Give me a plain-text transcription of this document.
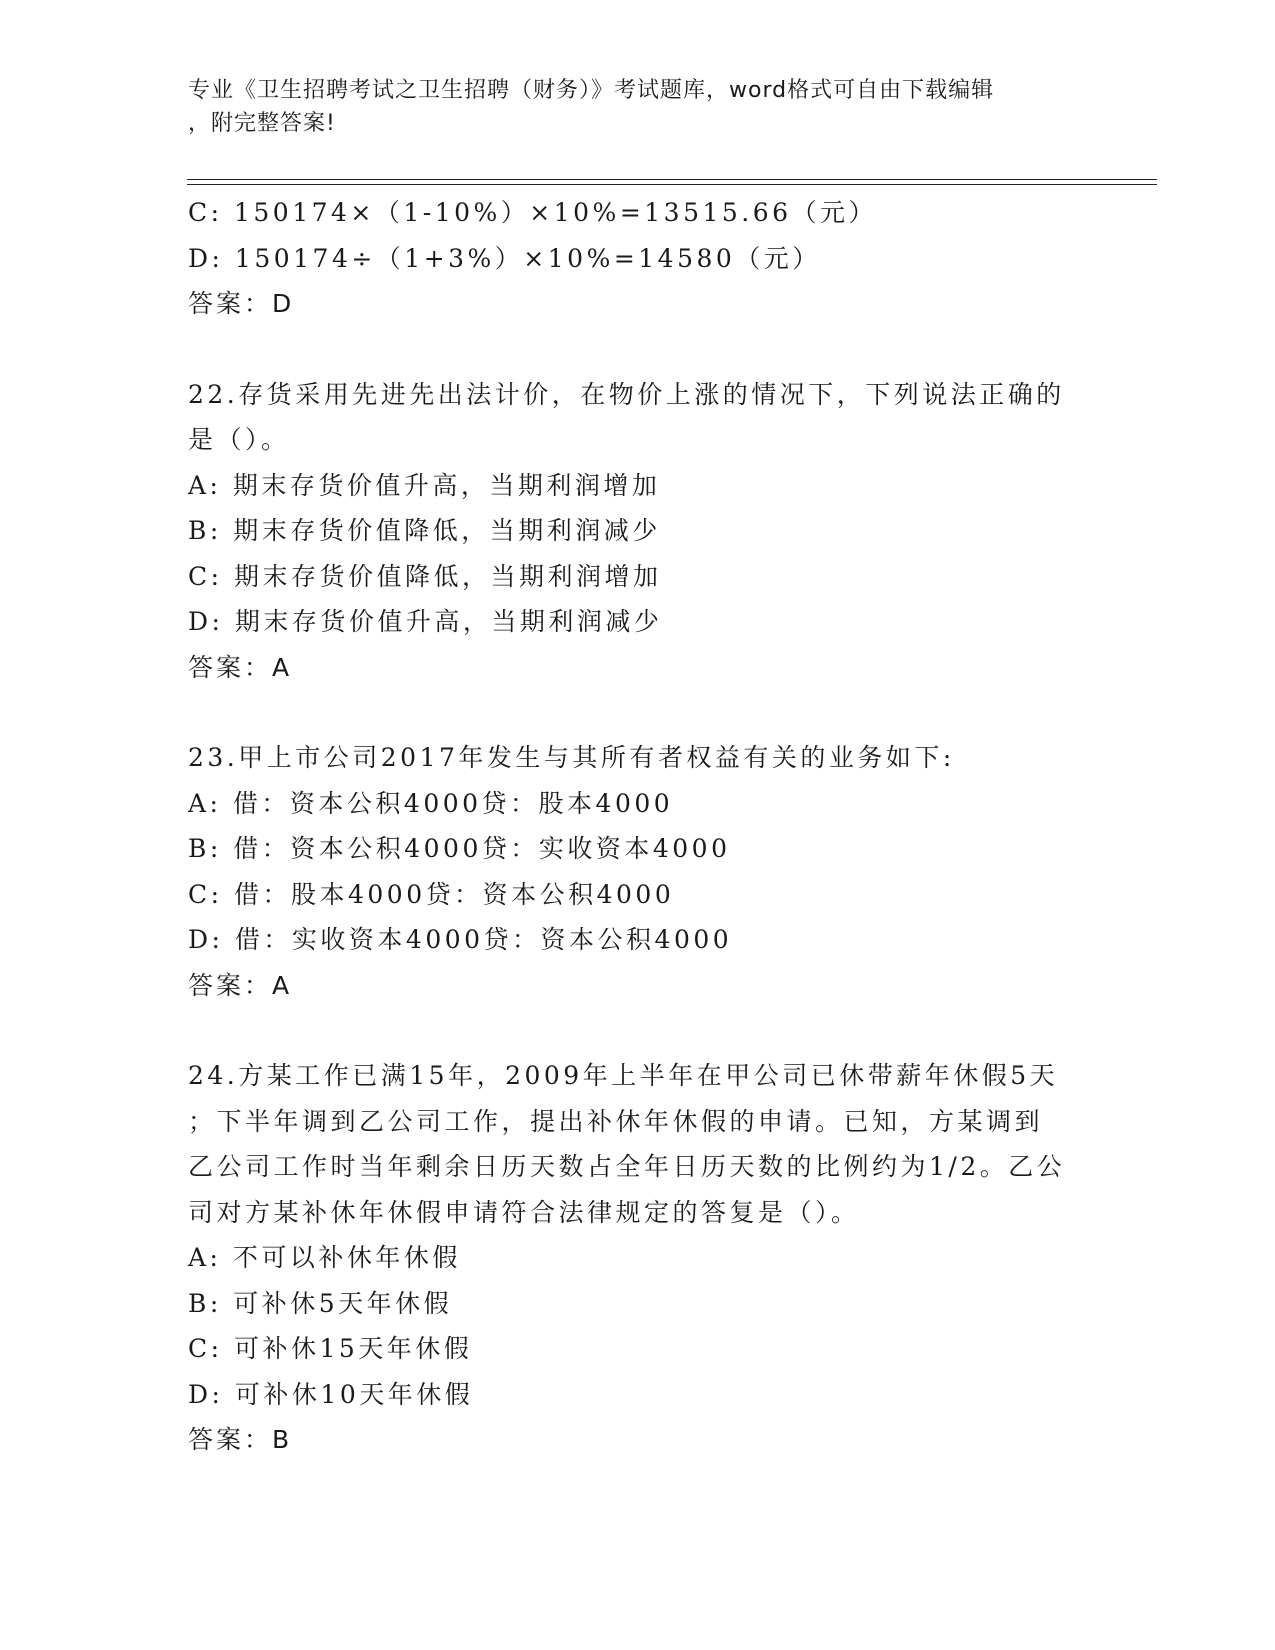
专业《卫生招聘考试之卫生招聘（财务）》考试题库，word格式可自由下载编辑
，附完整答案!
C: 150174×（1-10%）×10%=13515.66（元）
D: 150174÷（1+3%）×10%=14580（元）
答案：D
22.存货采用先进先出法计价，在物价上涨的情况下，下列说法正确的
是（）。
A: 期末存货价值升高，当期利润增加
B: 期末存货价值降低，当期利润减少
C: 期末存货价值降低，当期利润增加
D: 期末存货价值升高，当期利润减少
答案：A
23.甲上市公司2017年发生与其所有者权益有关的业务如下:
A: 借：资本公积4000贷：股本4000
B: 借：资本公积4000贷：实收资本4000
C: 借：股本4000贷：资本公积4000
D: 借：实收资本4000贷：资本公积4000
答案：A
24.方某工作已满15年，2009年上半年在甲公司已休带薪年休假5天
；下半年调到乙公司工作，提出补休年休假的申请。已知，方某调到
乙公司工作时当年剩余日历天数占全年日历天数的比例约为1/2。乙公
司对方某补休年休假申请符合法律规定的答复是（）。
A: 不可以补休年休假
B: 可补休5天年休假
C: 可补休15天年休假
D: 可补休10天年休假
答案：B
